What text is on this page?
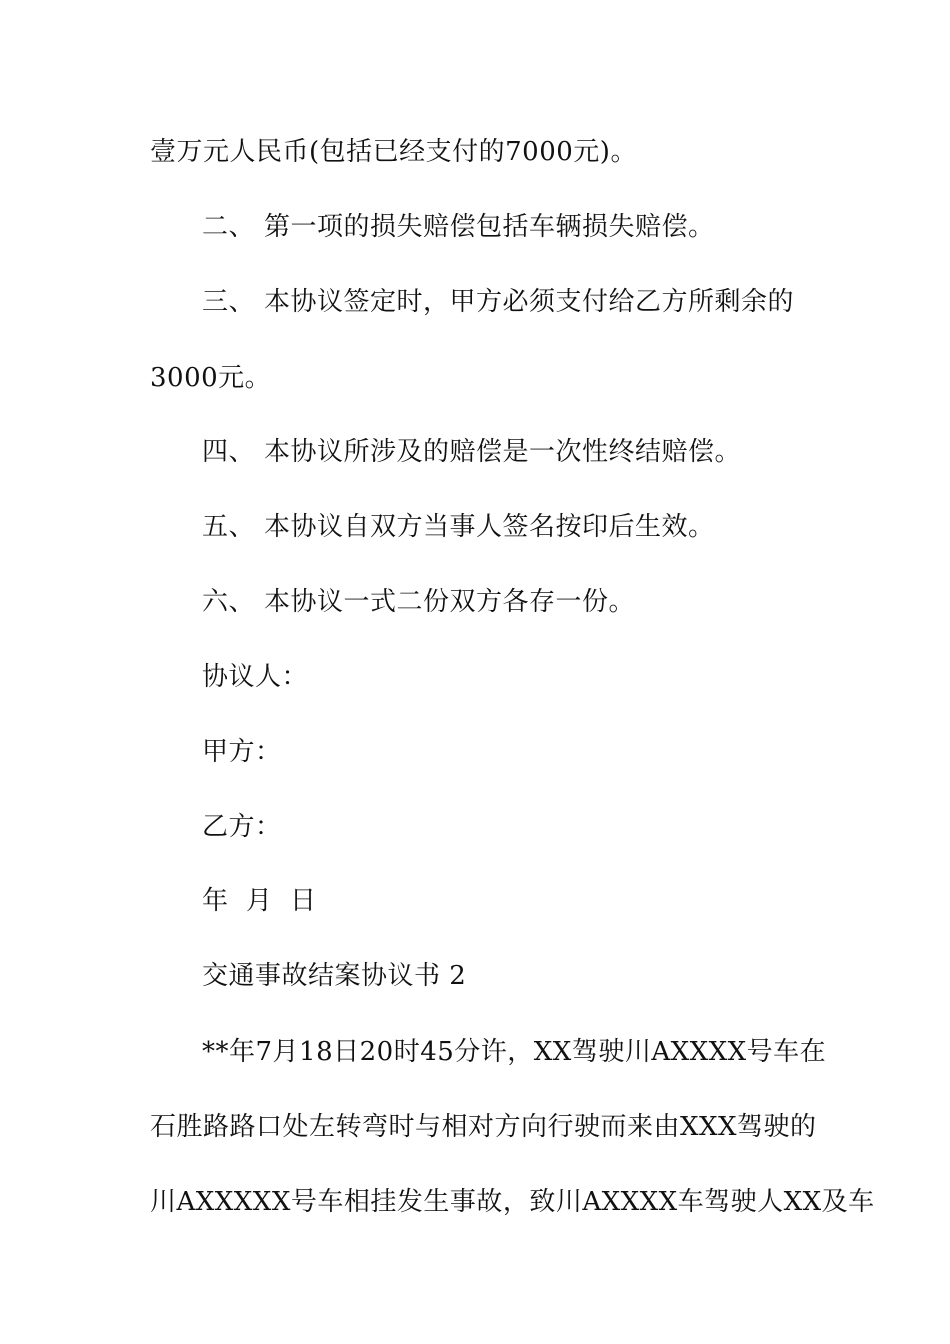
壹万元人民币(包括已经支付的7000元)。
二、 第一项的损失赔偿包括车辆损失赔偿。
三、 本协议签定时，甲方必须支付给乙方所剩余的
3000元。
四、 本协议所涉及的赔偿是一次性终结赔偿。
五、 本协议自双方当事人签名按印后生效。
六、 本协议一式二份双方各存一份。
协议人：
甲方：
乙方：
年  月  日
交通事故结案协议书 2
**年7月18日20时45分许，XX驾驶川AXXXX号车在
石胜路路口处左转弯时与相对方向行驶而来由XXX驾驶的
川AXXXXX号车相挂发生事故，致川AXXXX车驾驶人XX及车
